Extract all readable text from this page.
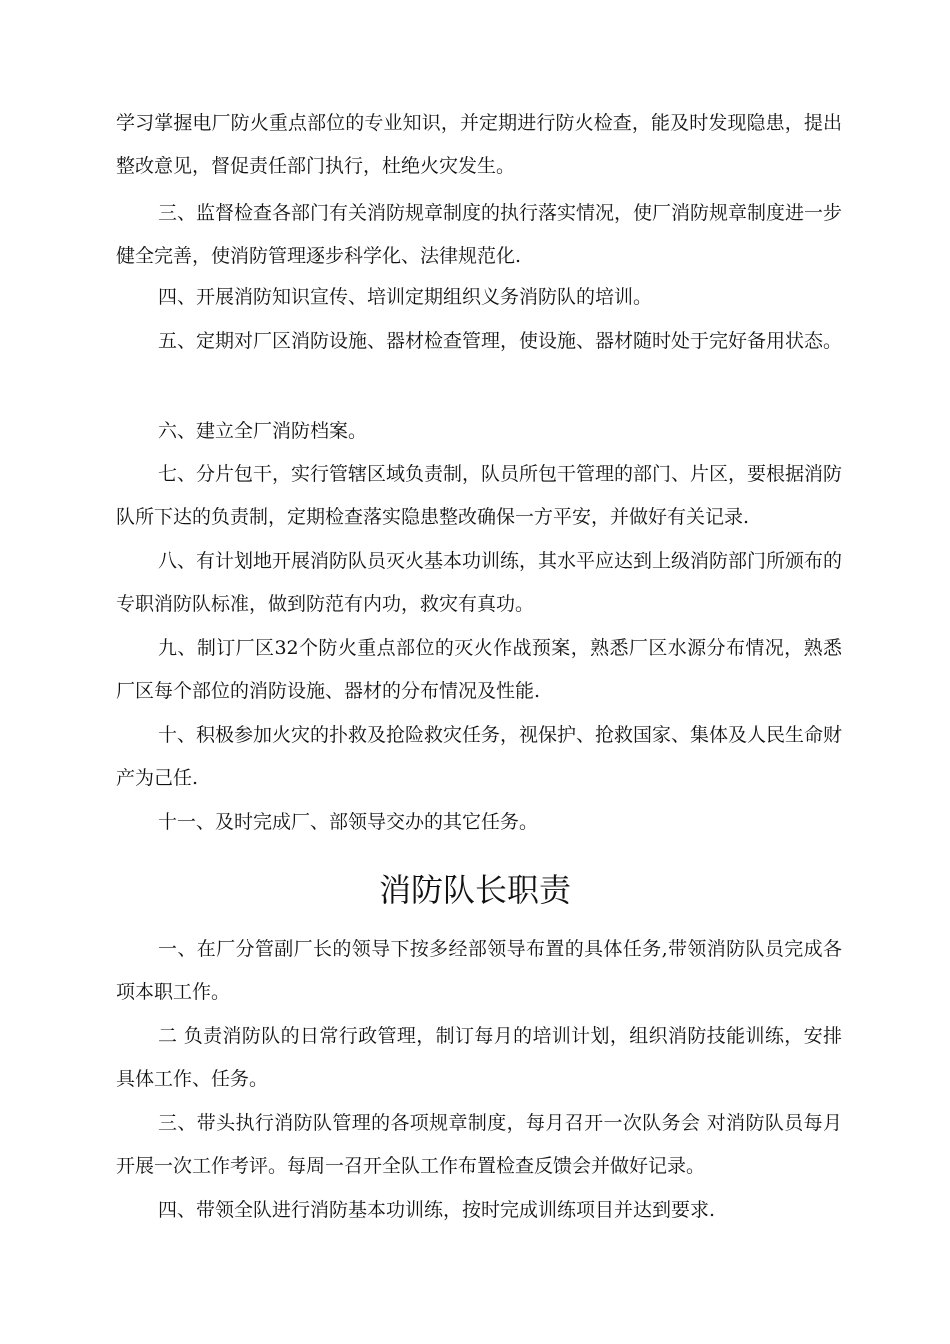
学习掌握电厂防火重点部位的专业知识，并定期进行防火检查，能及时发现隐患，提出整改意见，督促责任部门执行，杜绝火灾发生。

三、监督检查各部门有关消防规章制度的执行落实情况，使厂消防规章制度进一步健全完善，使消防管理逐步科学化、法律规范化.

四、开展消防知识宣传、培训定期组织义务消防队的培训。

五、定期对厂区消防设施、器材检查管理，使设施、器材随时处于完好备用状态。

六、建立全厂消防档案。

七、分片包干，实行管辖区域负责制，队员所包干管理的部门、片区，要根据消防队所下达的负责制，定期检查落实隐患整改确保一方平安，并做好有关记录.

八、有计划地开展消防队员灭火基本功训练，其水平应达到上级消防部门所颁布的专职消防队标准，做到防范有内功，救灾有真功。

九、制订厂区32个防火重点部位的灭火作战预案，熟悉厂区水源分布情况，熟悉厂区每个部位的消防设施、器材的分布情况及性能.

十、积极参加火灾的扑救及抢险救灾任务，视保护、抢救国家、集体及人民生命财产为己任.

十一、及时完成厂、部领导交办的其它任务。

消防队长职责

一、在厂分管副厂长的领导下按多经部领导布置的具体任务,带领消防队员完成各项本职工作。

二 负责消防队的日常行政管理，制订每月的培训计划，组织消防技能训练，安排具体工作、任务。

三、带头执行消防队管理的各项规章制度，每月召开一次队务会 对消防队员每月开展一次工作考评。每周一召开全队工作布置检查反馈会并做好记录。

四、带领全队进行消防基本功训练，按时完成训练项目并达到要求.
